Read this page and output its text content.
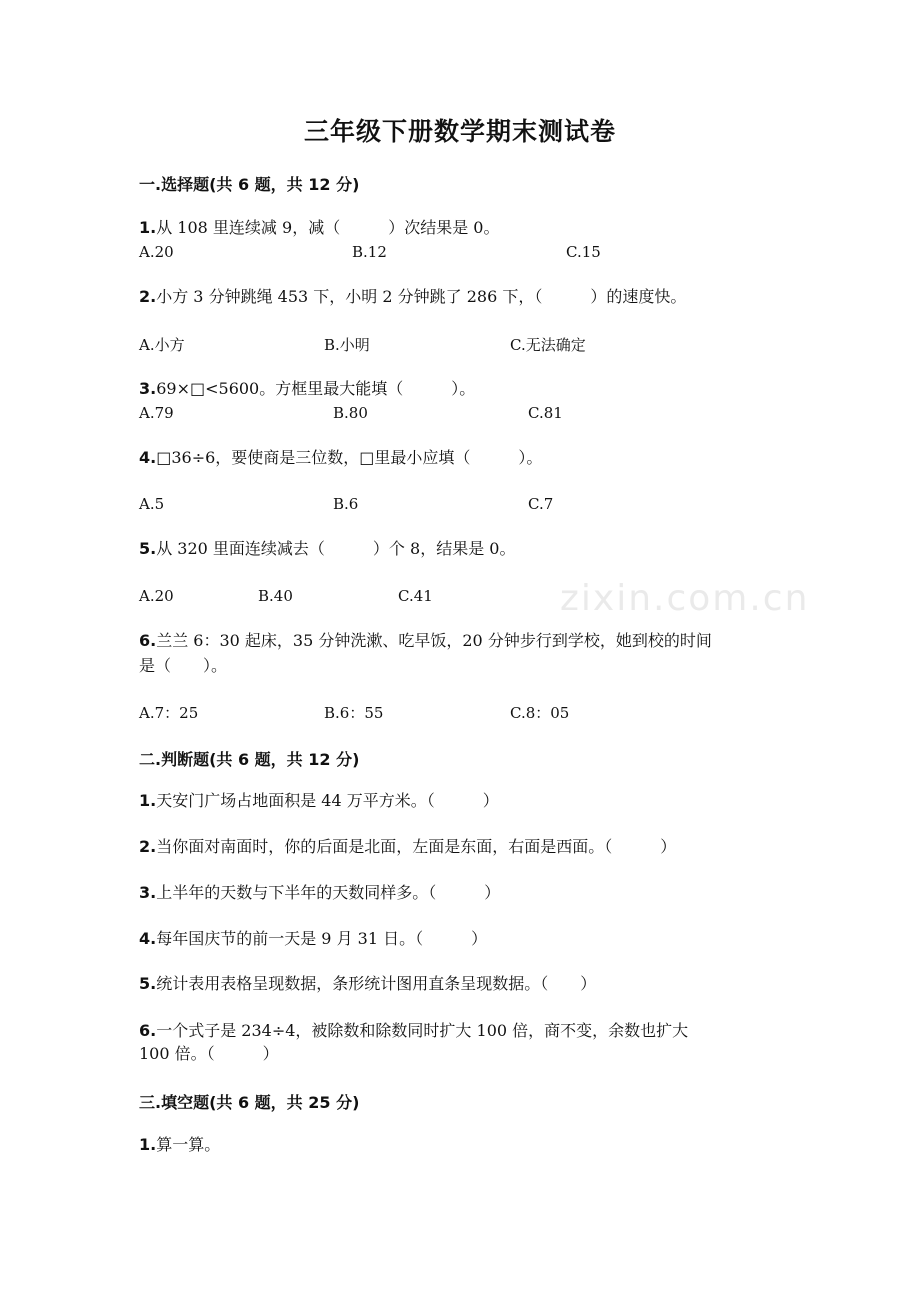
三年级下册数学期末测试卷
zixin.com.cn
一.选择题(共 6 题，共 12 分)
1.从 108 里连续减 9，减（　　　）次结果是 0。
A.20	B.12	C.15
2.小方 3 分钟跳绳 453 下，小明 2 分钟跳了 286 下，（　　　）的速度快。
A.小方	B.小明	C.无法确定
3.69×□<5600。方框里最大能填（　　　）。
A.79	B.80	C.81
4.□36÷6，要使商是三位数，□里最小应填（　　　）。
A.5	B.6	C.7
5.从 320 里面连续减去（　　　）个 8，结果是 0。
A.20	B.40	C.41
6.兰兰 6：30 起床，35 分钟洗漱、吃早饭，20 分钟步行到学校，她到校的时间
是（　　）。
A.7：25	B.6：55	C.8：05
二.判断题(共 6 题，共 12 分)
1.天安门广场占地面积是 44 万平方米。（　　　）
2.当你面对南面时，你的后面是北面，左面是东面，右面是西面。（　　　）
3.上半年的天数与下半年的天数同样多。（　　　）
4.每年国庆节的前一天是 9 月 31 日。（　　　）
5.统计表用表格呈现数据，条形统计图用直条呈现数据。（　　）
6.一个式子是 234÷4，被除数和除数同时扩大 100 倍，商不变，余数也扩大
100 倍。（　　　）
三.填空题(共 6 题，共 25 分)
1.算一算。
